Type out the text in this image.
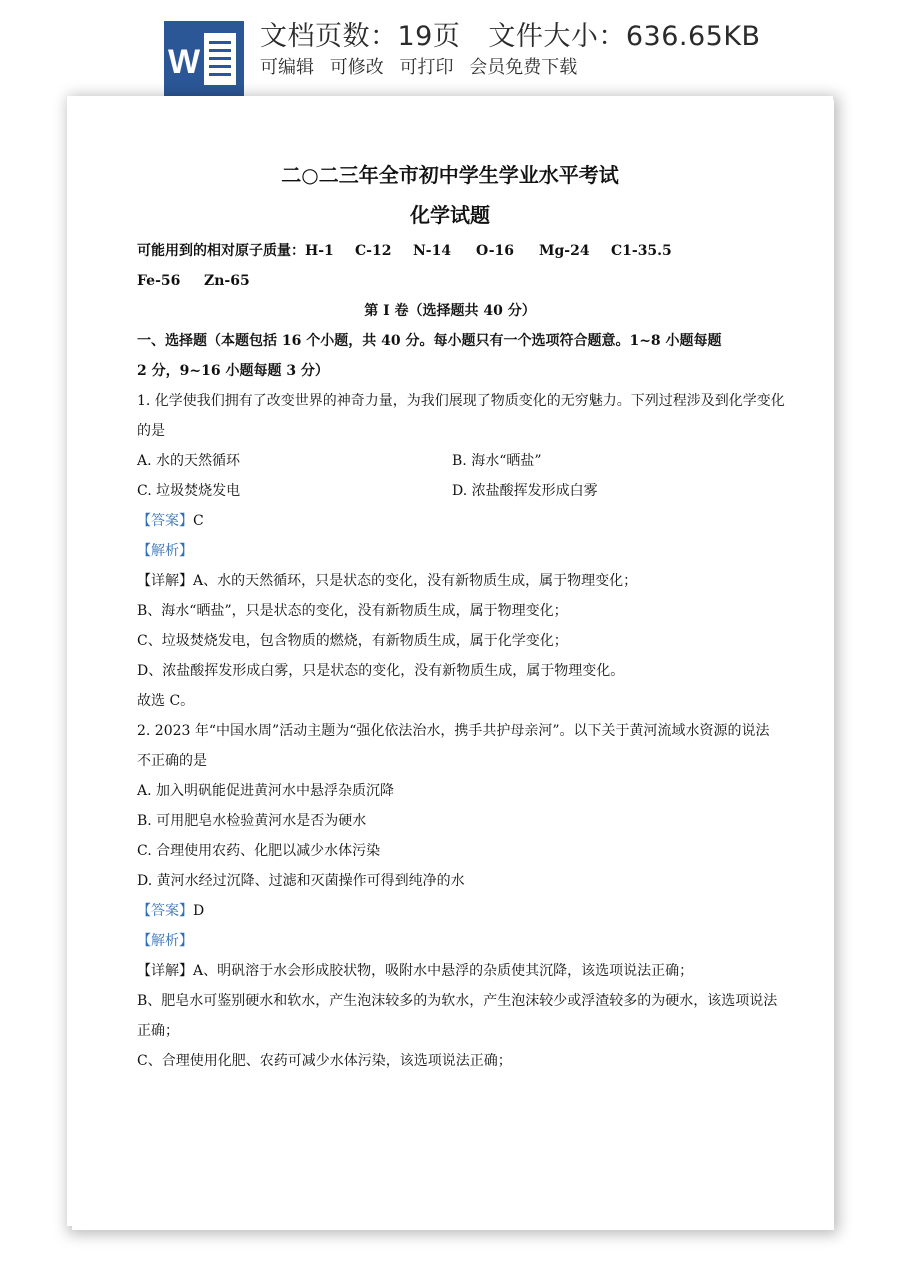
W

文档页数：19页 文件大小：636.65KB

可编辑 可修改 可打印 会员免费下载

二○二三年全市初中学生学业水平考试

化学试题

可能用到的相对原子质量：H-1 C-12 N-14 O-16 Mg-24 C1-35.5

Fe-56 Zn-65

第 I 卷（选择题共 40 分）

一、选择题（本题包括 16 个小题，共 40 分。每小题只有一个选项符合题意。1~8 小题每题

2 分，9~16 小题每题 3 分）

1. 化学使我们拥有了改变世界的神奇力量，为我们展现了物质变化的无穷魅力。下列过程涉及到化学变化

的是

A. 水的天然循环	B. 海水“晒盐”

C. 垃圾焚烧发电	D. 浓盐酸挥发形成白雾

【答案】C

【解析】

【详解】A、水的天然循环，只是状态的变化，没有新物质生成，属于物理变化；

B、海水“晒盐”，只是状态的变化，没有新物质生成，属于物理变化；

C、垃圾焚烧发电，包含物质的燃烧，有新物质生成，属于化学变化；

D、浓盐酸挥发形成白雾，只是状态的变化，没有新物质生成，属于物理变化。

故选 C。

2. 2023 年“中国水周”活动主题为“强化依法治水，携手共护母亲河”。以下关于黄河流域水资源的说法

不正确的是

A. 加入明矾能促进黄河水中悬浮杂质沉降

B. 可用肥皂水检验黄河水是否为硬水

C. 合理使用农药、化肥以减少水体污染

D. 黄河水经过沉降、过滤和灭菌操作可得到纯净的水

【答案】D

【解析】

【详解】A、明矾溶于水会形成胶状物，吸附水中悬浮的杂质使其沉降，该选项说法正确；

B、肥皂水可鉴别硬水和软水，产生泡沫较多的为软水，产生泡沫较少或浮渣较多的为硬水，该选项说法

正确；

C、合理使用化肥、农药可减少水体污染，该选项说法正确；
